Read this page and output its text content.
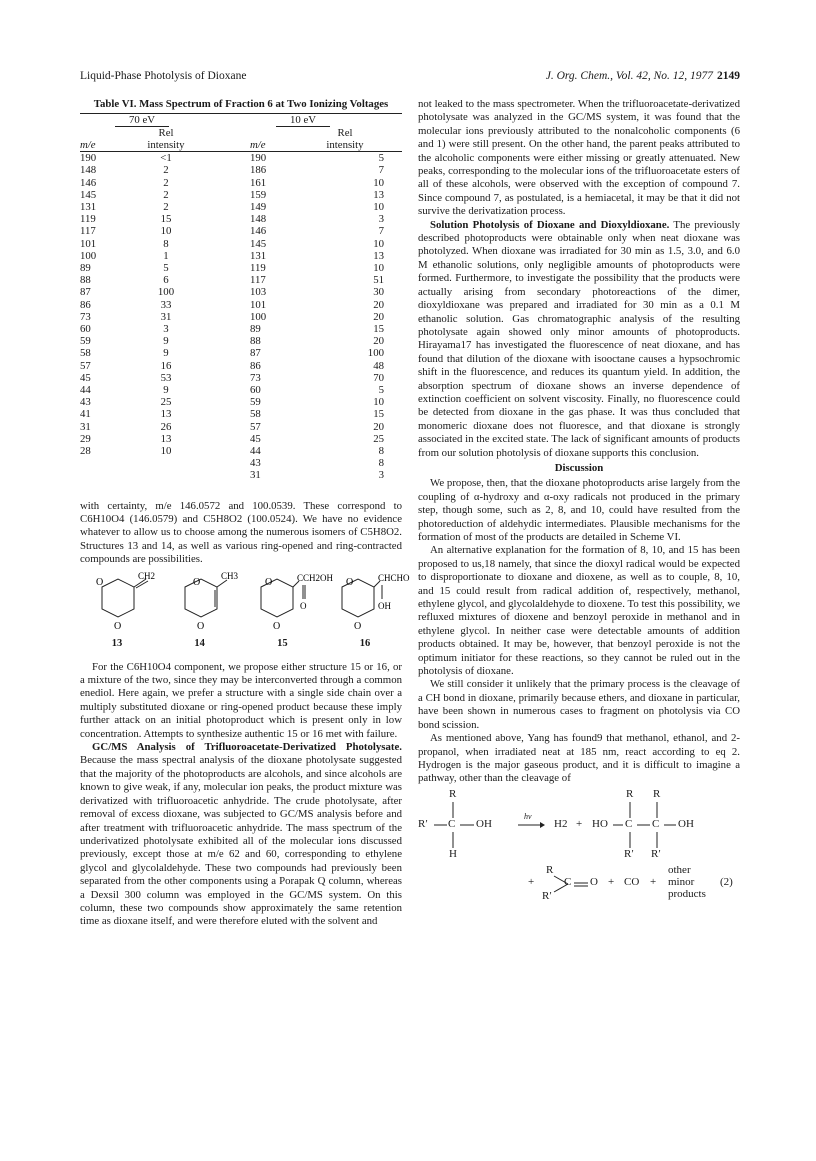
Liquid-Phase Photolysis of Dioxane	J. Org. Chem., Vol. 42, No. 12, 1977 2149
Table VI. Mass Spectrum of Fraction 6 at Two Ionizing Voltages
70 eV		10 eV	
	Rel		Rel
m/e	intensity	m/e	intensity
190	<1	190	5
148	2	186	7
146	2	161	10
145	2	159	13
131	2	149	10
119	15	148	3
117	10	146	7
101	8	145	10
100	1	131	13
89	5	119	10
88	6	117	51
87	100	103	30
86	33	101	20
73	31	100	20
60	3	89	15
59	9	88	20
58	9	87	100
57	16	86	48
45	53	73	70
44	9	60	5
43	25	59	10
41	13	58	15
31	26	57	20
29	13	45	25
28	10	44	8
		43	8
		31	3

with certainty, m/e 146.0572 and 100.0539. These correspond to C6H10O4 (146.0579) and C5H8O2 (100.0524). We have no evidence whatever to allow us to choose among the numerous isomers of C5H8O2. Structures 13 and 14, as well as various ring-opened and ring-contracted compounds are possibilities.

O
O
CH2
13
O
O
CH3
14
O
O
CCH2OH
O
15
O
O
CHCHO
OH
16

For the C6H10O4 component, we propose either structure 15 or 16, or a mixture of the two, since they may be interconverted through a common enediol. Here again, we prefer a structure with a single side chain over a multiply substituted dioxane or ring-opened product because these imply further attack on an initial photoproduct which is present only in low concentration. Attempts to synthesize authentic 15 or 16 met with failure.

GC/MS Analysis of Trifluoroacetate-Derivatized Photolysate. Because the mass spectral analysis of the dioxane photolysate suggested that the majority of the photoproducts are alcohols, and since alcohols are known to give weak, if any, molecular ion peaks, the product mixture was derivatized with trifluoroacetic anhydride. The crude photolysate, after removal of excess dioxane, was subjected to GC/MS analysis before and after treatment with trifluoroacetic anhydride. The mass spectrum of the underivatized photolysate exhibited all of the molecular ions discussed previously, except those at m/e 62 and 60, corresponding to ethylene glycol and glycolaldehyde. These two compounds had previously been separated from the other components using a Porapak Q column, whereas a Dexsil 300 column was employed in the GC/MS system. On this column, these two compounds show approximately the same retention time as dioxane itself, and were therefore eluted with the solvent and

not leaked to the mass spectrometer. When the trifluoroacetate-derivatized photolysate was analyzed in the GC/MS system, it was found that the molecular ions previously attributed to the nonalcoholic components (6 and 1) were still present. On the other hand, the parent peaks attributed to the alcoholic components were either missing or greatly attenuated. New peaks, corresponding to the molecular ions of the trifluoroacetate esters of all of these alcohols, were observed with the exception of compound 7. Since compound 7, as postulated, is a hemiacetal, it may be that it did not survive the derivatization process.

Solution Photolysis of Dioxane and Dioxyldioxane. The previously described photoproducts were obtainable only when neat dioxane was photolyzed. When dioxane was irradiated for 30 min as 1.5, 3.0, and 6.0 M ethanolic solutions, only negligible amounts of photoproducts were formed. Furthermore, to investigate the possibility that the products were actually arising from secondary photoreactions of the dimer, dioxyldioxane was prepared and irradiated for 30 min as a 0.1 M ethanolic solution. Gas chromatographic analysis of the resulting photolysate again showed only minor amounts of photoproducts. Hirayama17 has investigated the fluorescence of neat dioxane, and has found that dilution of the dioxane with isooctane causes a hypsochromic shift in the fluorescence, and reduces its quantum yield. In addition, the absorption spectrum of dioxane shows an inverse dependence of extinction coefficient on solvent viscosity. Finally, no fluorescence could be detected from dioxane in the gas phase. It was thus concluded that monomeric dioxane does not fluoresce, and that dioxane is strongly associated in the excited state. The lack of significant amounts of products from our solution photolysis of dioxane supports this conclusion.

Discussion

We propose, then, that the dioxane photoproducts arise largely from the coupling of α-hydroxy and α-oxy radicals not produced in the primary step, though some, such as 2, 8, and 10, could have resulted from the photoreduction of aldehydic intermediates. Plausible mechanisms for the formation of most of the products are detailed in Scheme VI.

An alternative explanation for the formation of 8, 10, and 15 has been proposed to us,18 namely, that since the dioxyl radical would be expected to disproportionate to dioxane and dioxene, as well as to couple, 8, 10, and 15 could result from radical addition of, respectively, methanol, ethylene glycol, and glycolaldehyde to dioxene. To test this possibility, we refluxed mixtures of dioxene and benzoyl peroxide in methanol and in ethylene glycol. In neither case were detectable amounts of addition products obtained. It may be, however, that benzoyl peroxide is not the optimum initiator for these reactions, so they cannot be ruled out in the photolysis of dioxane.

We still consider it unlikely that the primary process is the cleavage of a CH bond in dioxane, primarily because ethers, and dioxane in particular, have been shown in numerous cases to fragment on photolysis via CO bond scission.

As mentioned above, Yang has found9 that methanol, ethanol, and 2-propanol, when irradiated neat at 185 nm, react according to eq 2. Hydrogen is the major gaseous product, and it is difficult to imagine a pathway, other than the cleavage of

R
R′ C OH
H
hν
H2 + HO
R R
C C OH
R′ R′
+
R
R′
C O + CO +
other
minor
products
(2)
